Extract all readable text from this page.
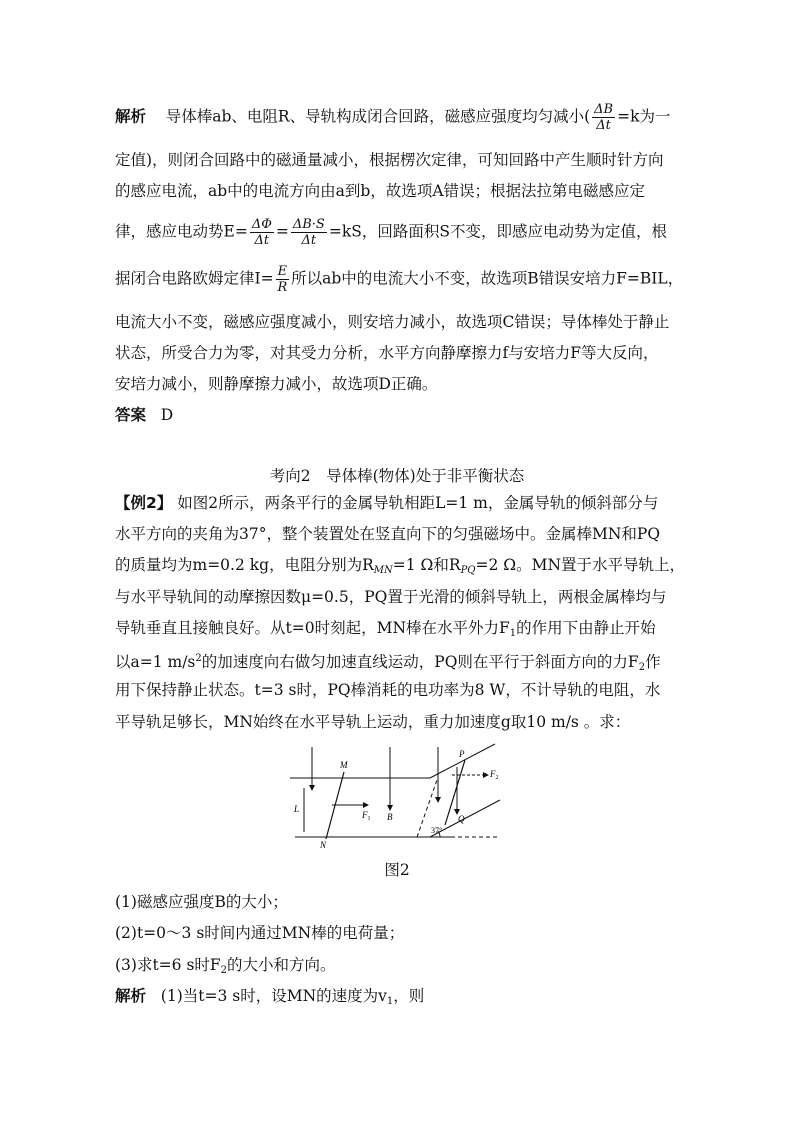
解析 导体棒ab、电阻R、导轨构成闭合回路，磁感应强度均匀减小( $\frac{\Delta B}{\Delta t} =k$为一
定值)，则闭合回路中的磁通量减小，根据楞次定律，可知回路中产生顺时针方向
的感应电流，ab中的电流方向由a到b，故选项A错误；根据法拉第电磁感应定
律，感应电动势$E= \frac{\Delta\Phi}{\Delta t} = \frac{\Delta B\cdot S}{\Delta t} =kS$，回路面积S不变，即感应电动势为定值，根
据闭合电路欧姆定律$I= \frac{E}{R}$ 所以ab中的电流大小不变，故选项B错误安培力F=BIL，
电流大小不变，磁感应强度减小，则安培力减小，故选项C错误；导体棒处于静止
状态，所受合力为零，对其受力分析，水平方向静摩擦力f与安培力F等大反向，
安培力减小，则静摩擦力减小，故选项D正确。
答案 D
考向2　导体棒(物体)处于非平衡状态
【例2】 如图2所示，两条平行的金属导轨相距L=1 m，金属导轨的倾斜部分与
水平方向的夹角为37°，整个装置处在竖直向下的匀强磁场中。金属棒MN和PQ
的质量均为m=0.2 kg，电阻分别为$R_{MN}=1$ Ω和$R_{PQ}=2$ Ω。MN置于水平导轨上，
与水平导轨间的动摩擦因数μ=0.5，PQ置于光滑的倾斜导轨上，两根金属棒均与
导轨垂直且接触良好。从t=0时刻起，MN棒在水平外力$F_1$的作用下由静止开始
以a=1 $m/s^2$的加速度向右做匀加速直线运动，PQ则在平行于斜面方向的力$F_2$作
用下保持静止状态。t=3 s时，PQ棒消耗的电功率为8 W，不计导轨的电阻，水
平导轨足够长，MN始终在水平导轨上运动，重力加速度g取10 m/s 。求：
M
N
P
Q
L
$F_1$ B
$F_2$
37°
图2
(1)磁感应强度B的大小；
(2)t=0～3 s时间内通过MN棒的电荷量；
(3)求t=6 s时$F_2$的大小和方向。
解析 (1)当t=3 s时，设MN的速度为$v_1$，则
